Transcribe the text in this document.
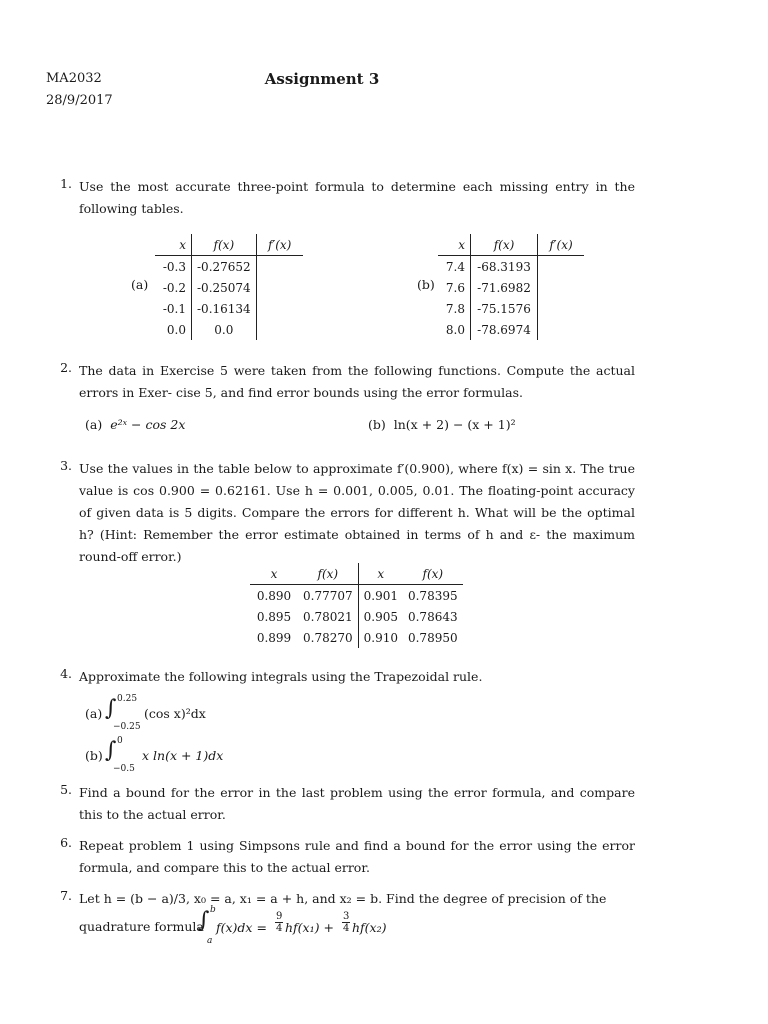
MA2032
28/9/2017
Assignment 3
1. Use the most accurate three-point formula to determine each missing entry in the following tables.
(a)
x	f(x)	f′(x)
-0.3	-0.27652	
-0.2	-0.25074	
-0.1	-0.16134	
0.0	0.0	
(b)
x	f(x)	f′(x)
7.4	-68.3193	
7.6	-71.6982	
7.8	-75.1576	
8.0	-78.6974	
2. The data in Exercise 5 were taken from the following functions. Compute the actual errors in Exer- cise 5, and find error bounds using the error formulas.
(a) e²ˣ − cos 2x	(b) ln(x + 2) − (x + 1)²
3. Use the values in the table below to approximate f′(0.900), where f(x) = sin x. The true value is cos 0.900 = 0.62161. Use h = 0.001, 0.005, 0.01. The floating-point accuracy of given data is 5 digits. Compare the errors for different h. What will be the optimal h? (Hint: Remember the error estimate obtained in terms of h and ε- the maximum round-off error.)
x	f(x)	x	f(x)
0.890	0.77707	0.901	0.78395
0.895	0.78021	0.905	0.78643
0.899	0.78270	0.910	0.78950
4. Approximate the following integrals using the Trapezoidal rule.
(a) ∫ 0.25
−0.25
(cos x)²dx
(b) ∫ 0
−0.5
x ln(x + 1)dx
5. Find a bound for the error in the last problem using the error formula, and compare this to the actual error.
6. Repeat problem 1 using Simpsons rule and find a bound for the error using the error formula, and compare this to the actual error.
7. Let h = (b − a)/3, x₀ = a, x₁ = a + h, and x₂ = b. Find the degree of precision of the
quadrature formula
∫ b
a
$f(x)dx = \frac{9}{4} hf(x_1) + \frac{3}{4} hf(x_2)$
